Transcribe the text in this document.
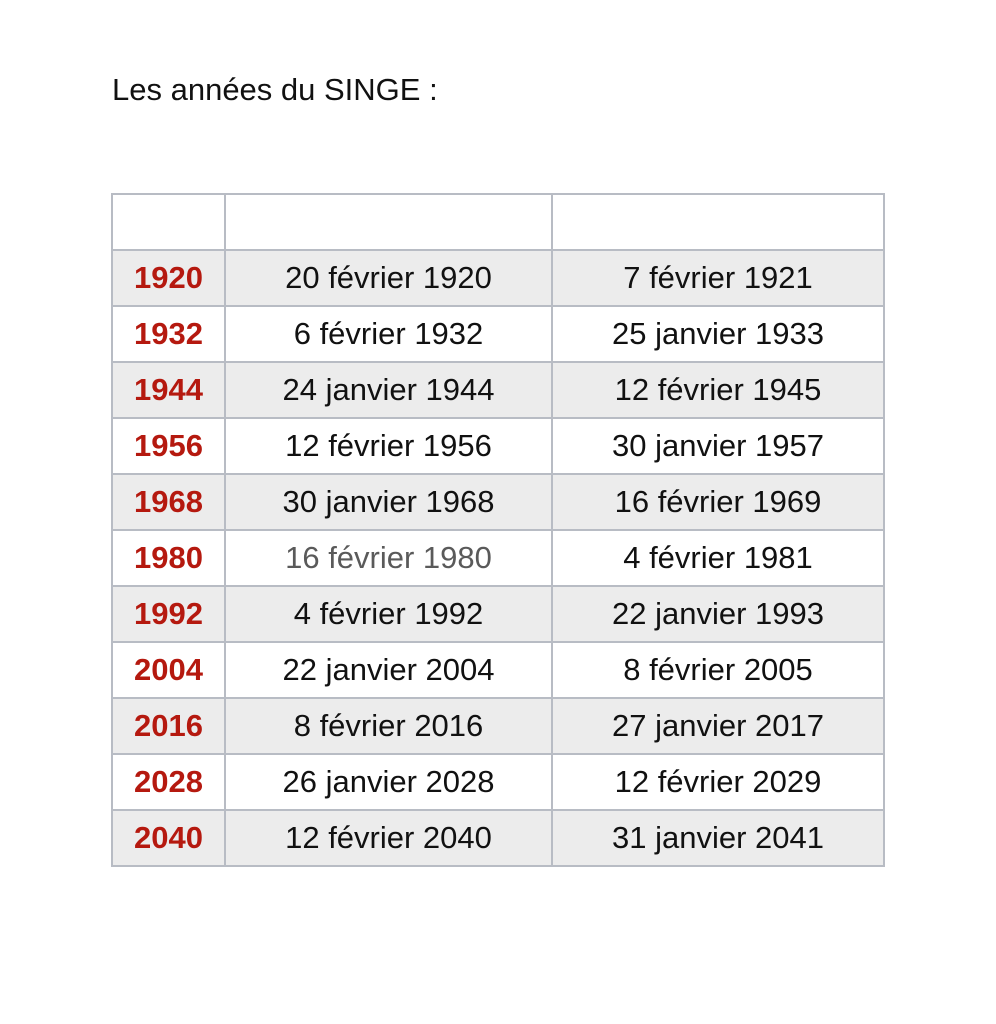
Les années du SINGE :

1920	20 février 1920	7 février 1921
1932	6 février 1932	25 janvier 1933
1944	24 janvier 1944	12 février 1945
1956	12 février 1956	30 janvier 1957
1968	30 janvier 1968	16 février 1969
1980	16 février 1980	4 février 1981
1992	4 février 1992	22 janvier 1993
2004	22 janvier 2004	8 février 2005
2016	8 février 2016	27 janvier 2017
2028	26 janvier 2028	12 février 2029
2040	12 février 2040	31 janvier 2041
